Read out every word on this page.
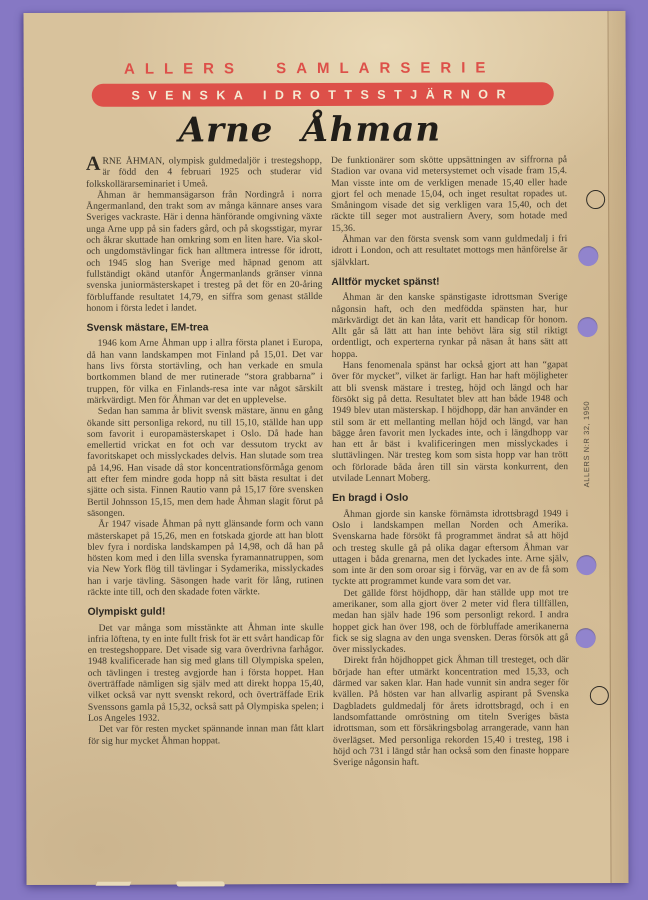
ALLERS SAMLARSERIE
SVENSKA IDROTTSSTJÄRNOR
Arne Åhman

ARNE ÅHMAN, olympisk guldmedaljör i trestegshopp, är född den 4 februari 1925 och studerar vid folkskollärarseminariet i Umeå.

Åhman är hemmansägarson från Nordingrå i norra Ångermanland, den trakt som av många kännare anses vara Sveriges vackraste. Här i denna hänförande omgivning växte unga Arne upp på sin faders gård, och på skogsstigar, myrar och åkrar skuttade han omkring som en liten hare. Via skol- och ungdomstävlingar fick han alltmera intresse för idrott, och 1945 slog han Sverige med häpnad genom att fullständigt okänd utanför Ångermanlands gränser vinna svenska juniormästerskapet i tresteg på det för en 20-åring förbluffande resultatet 14,79, en siffra som genast ställde honom i första ledet i landet.

Svensk mästare, EM-trea

1946 kom Arne Åhman upp i allra första planet i Europa, då han vann landskampen mot Finland på 15,01. Det var hans livs första stortävling, och han verkade en smula bortkommen bland de mer rutinerade “stora grabbarna” i truppen, för vilka en Finlands-resa inte var något särskilt märkvärdigt. Men för Åhman var det en upplevelse.

Sedan han samma år blivit svensk mästare, ännu en gång ökande sitt personliga rekord, nu till 15,10, ställde han upp som favorit i europamästerskapet i Oslo. Då hade han emellertid vrickat en fot och var dessutom tryckt av favoritskapet och misslyckades delvis. Han slutade som trea på 14,96. Han visade då stor koncentrationsförmåga genom att efter fem mindre goda hopp nå sitt bästa resultat i det sjätte och sista. Finnen Rautio vann på 15,17 före svensken Bertil Johnsson 15,15, men dem hade Åhman slagit förut på säsongen.

År 1947 visade Åhman på nytt glänsande form och vann mästerskapet på 15,26, men en fotskada gjorde att han blott blev fyra i nordiska landskampen på 14,98, och då han på hösten kom med i den lilla svenska fyramannatruppen, som via New York flög till tävlingar i Sydamerika, misslyckades han i varje tävling. Säsongen hade varit för lång, rutinen räckte inte till, och den skadade foten värkte.

Olympiskt guld!

Det var många som misstänkte att Åhman inte skulle infria löftena, ty en inte fullt frisk fot är ett svårt handicap för en trestegshoppare. Det visade sig vara överdrivna farhågor. 1948 kvalificerade han sig med glans till Olympiska spelen, och tävlingen i tresteg avgjorde han i första hoppet. Han överträffade nämligen sig själv med att direkt hoppa 15,40, vilket också var nytt svenskt rekord, och överträffade Erik Svenssons gamla på 15,32, också satt på Olympiska spelen; i Los Angeles 1932.

Det var för resten mycket spännande innan man fått klart för sig hur mycket Åhman hoppat.

De funktionärer som skötte uppsättningen av siffrorna på Stadion var ovana vid metersystemet och visade fram 15,4. Man visste inte om de verkligen menade 15,40 eller hade gjort fel och menade 15,04, och inget resultat ropades ut. Småningom visade det sig verkligen vara 15,40, och det räckte till seger mot australiern Avery, som hotade med 15,36.

Åhman var den första svensk som vann guldmedalj i fri idrott i London, och att resultatet mottogs men hänförelse är självklart.

Alltför mycket spänst!

Åhman är den kanske spänstigaste idrottsman Sverige någonsin haft, och den medfödda spänsten har, hur märkvärdigt det än kan låta, varit ett handicap för honom. Allt går så lätt att han inte behövt lära sig stil riktigt ordentligt, och experterna rynkar på näsan åt hans sätt att hoppa.

Hans fenomenala spänst har också gjort att han “gapat över för mycket”, vilket är farligt. Han har haft möjligheter att bli svensk mästare i tresteg, höjd och längd och har försökt sig på detta. Resultatet blev att han både 1948 och 1949 blev utan mästerskap. I höjdhopp, där han använder en stil som är ett mellanting mellan höjd och längd, var han bägge åren favorit men lyckades inte, och i längdhopp var han ett år bäst i kvalificeringen men misslyckades i sluttävlingen. När tresteg kom som sista hopp var han trött och förlorade båda åren till sin värsta konkurrent, den utvilade Lennart Moberg.

En bragd i Oslo

Åhman gjorde sin kanske förnämsta idrottsbragd 1949 i Oslo i landskampen mellan Norden och Amerika. Svenskarna hade försökt få programmet ändrat så att höjd och tresteg skulle gå på olika dagar eftersom Åhman var uttagen i båda grenarna, men det lyckades inte. Arne själv, som inte är den som oroar sig i förväg, var en av de få som tyckte att programmet kunde vara som det var.

Det gällde först höjdhopp, där han ställde upp mot tre amerikaner, som alla gjort över 2 meter vid flera tillfällen, medan han själv hade 196 som personligt rekord. I andra hoppet gick han över 198, och de förbluffade amerikanerna fick se sig slagna av den unga svensken. Deras försök att gå över misslyckades.

Direkt från höjdhoppet gick Åhman till tresteget, och där började han efter utmärkt koncentration med 15,33, och därmed var saken klar. Han hade vunnit sin andra seger för kvällen. På hösten var han allvarlig aspirant på Svenska Dagbladets guldmedalj för årets idrottsbragd, och i en landsomfattande omröstning om titeln Sveriges bästa idrottsman, som ett försäkringsbolag arrangerade, vann han överlägset. Med personliga rekorden 15,40 i tresteg, 198 i höjd och 731 i längd står han också som den finaste hoppare Sverige någonsin haft.

ALLERS N:R 32, 1950
